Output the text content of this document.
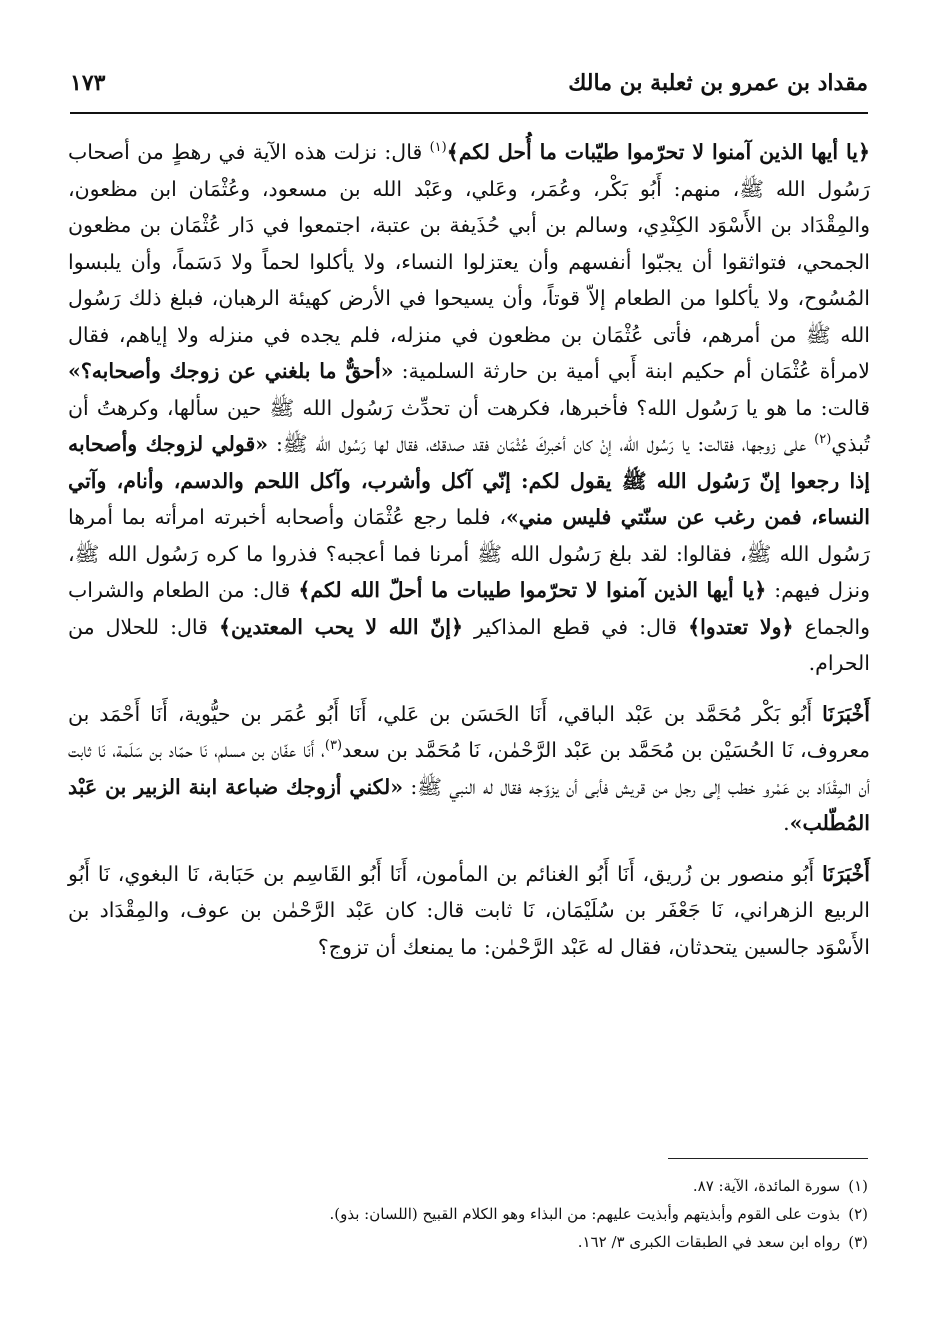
مقداد بن عمرو بن ثعلبة بن مالك
١٧٣

﴿يا أيها الذين آمنوا لا تحرّموا طيّبات ما أُحل لكم﴾$^{(١)}$ قال: نزلت هذه الآية في رهطٍ من أصحاب رَسُول الله ﷺ، منهم: أَبُو بَكْر، وعُمَر، وعَلي، وعَبْد الله بن مسعود، وعُثْمَان ابن مظعون، والمِقْدَاد بن الأَسْوَد الكِنْدِي، وسالم بن أبي حُذَيفة بن عتبة، اجتمعوا في دَار عُثْمَان بن مظعون الجمحي، فتواثقوا أن يجبّوا أنفسهم وأن يعتزلوا النساء، ولا يأكلوا لحماً ولا دَسَماً، وأن يلبسوا المُسُوح، ولا يأكلوا من الطعام إلاّ قوتاً، وأن يسيحوا في الأرض كهيئة الرهبان، فبلغ ذلك رَسُول الله ﷺ من أمرهم، فأتى عُثْمَان بن مظعون في منزله، فلم يجده في منزله ولا إياهم، فقال لامرأة عُثْمَان أم حكيم ابنة أَبي أمية بن حارثة السلمية: «أحقٌّ ما بلغني عن زوجك وأصحابه؟» قالت: ما هو يا رَسُول الله؟ فأخبرها، فكرهت أن تحدِّث رَسُول الله ﷺ حين سألها، وكرهتُ أن تُبذي$^{(٢)}$ على زوجها، فقالت: يا رَسُول الله، إنْ كان أخبركَ عُثْمَان فقد صدقك، فقال لها رَسُول الله ﷺ: «قولي لزوجك وأصحابه إذا رجعوا إنّ رَسُول الله ﷺ يقول لكم: إنّي آكل وأشرب، وآكل اللحم والدسم، وأنام، وآتي النساء، فمن رغب عن سنّتي فليس مني»، فلما رجع عُثْمَان وأصحابه أخبرته امرأته بما أمرها رَسُول الله ﷺ، فقالوا: لقد بلغ رَسُول الله ﷺ أمرنا فما أعجبه؟ فذروا ما كره رَسُول الله ﷺ، ونزل فيهم: ﴿يا أيها الذين آمنوا لا تحرّموا طيبات ما أحلّ الله لكم﴾ قال: من الطعام والشراب والجماع ﴿ولا تعتدوا﴾ قال: في قطع المذاكير ﴿إنّ الله لا يحب المعتدين﴾ قال: للحلال من الحرام.

أَخْبَرَنَا أَبُو بَكْر مُحَمَّد بن عَبْد الباقي، أَنَا الحَسَن بن عَلي، أَنَا أَبُو عُمَر بن حيُّوية، أَنَا أَحْمَد بن معروف، نَا الحُسَيْن بن مُحَمَّد بن عَبْد الرَّحْمٰن، نَا مُحَمَّد بن سعد$^{(٣)}$، أَنَا عفّان بن مسلم، نَا حمّاد بن سَلَمة، نَا ثابت أن المِقْدَاد بن عَمْرو خطب إلى رجل من قريش فأبى أن يزوّجه فقال له النبي ﷺ: «لكني أزوجك ضباعة ابنة الزبير بن عَبْد المُطّلب».

أَخْبَرَنَا أَبُو منصور بن زُريق، أَنَا أَبُو الغنائم بن المأمون، أَنَا أَبُو القَاسِم بن حَبَابة، نَا البغوي، نَا أَبُو الربيع الزهراني، نَا جَعْفَر بن سُلَيْمَان، نَا ثابت قال: كان عَبْد الرَّحْمٰن بن عوف، والمِقْدَاد بن الأَسْوَد جالسين يتحدثان، فقال له عَبْد الرَّحْمٰن: ما يمنعك أن تزوج؟

(١)سورة المائدة، الآية: ٨٧.
(٢)بذوت على القوم وأبذيتهم وأبذيت عليهم: من البذاء وهو الكلام القبيح (اللسان: بذو).
(٣)رواه ابن سعد في الطبقات الكبرى ٣/ ١٦٢.
